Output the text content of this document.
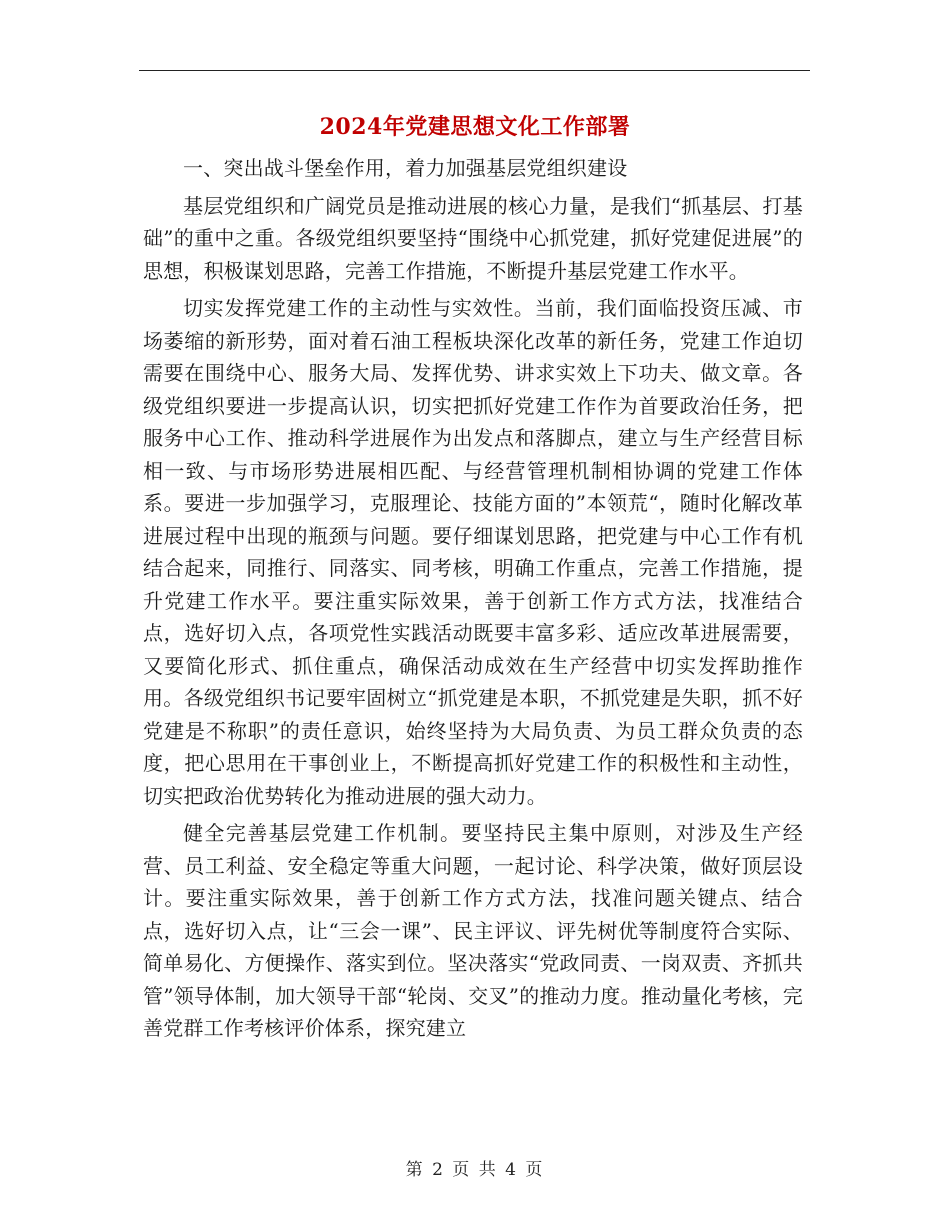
2024年党建思想文化工作部署

一、突出战斗堡垒作用，着力加强基层党组织建设

基层党组织和广阔党员是推动进展的核心力量，是我们“抓基层、打基础”的重中之重。各级党组织要坚持“围绕中心抓党建，抓好党建促进展”的思想，积极谋划思路，完善工作措施，不断提升基层党建工作水平。

切实发挥党建工作的主动性与实效性。当前，我们面临投资压减、市场萎缩的新形势，面对着石油工程板块深化改革的新任务，党建工作迫切需要在围绕中心、服务大局、发挥优势、讲求实效上下功夫、做文章。各级党组织要进一步提高认识，切实把抓好党建工作作为首要政治任务，把服务中心工作、推动科学进展作为出发点和落脚点，建立与生产经营目标相一致、与市场形势进展相匹配、与经营管理机制相协调的党建工作体系。要进一步加强学习，克服理论、技能方面的”本领荒“，随时化解改革进展过程中出现的瓶颈与问题。要仔细谋划思路，把党建与中心工作有机结合起来，同推行、同落实、同考核，明确工作重点，完善工作措施，提升党建工作水平。要注重实际效果，善于创新工作方式方法，找准结合点，选好切入点，各项党性实践活动既要丰富多彩、适应改革进展需要，又要简化形式、抓住重点，确保活动成效在生产经营中切实发挥助推作用。各级党组织书记要牢固树立“抓党建是本职，不抓党建是失职，抓不好党建是不称职”的责任意识，始终坚持为大局负责、为员工群众负责的态度，把心思用在干事创业上，不断提高抓好党建工作的积极性和主动性，切实把政治优势转化为推动进展的强大动力。

健全完善基层党建工作机制。要坚持民主集中原则，对涉及生产经营、员工利益、安全稳定等重大问题，一起讨论、科学决策，做好顶层设计。要注重实际效果，善于创新工作方式方法，找准问题关键点、结合点，选好切入点，让“三会一课”、民主评议、评先树优等制度符合实际、简单易化、方便操作、落实到位。坚决落实“党政同责、一岗双责、齐抓共管”领导体制，加大领导干部“轮岗、交叉”的推动力度。推动量化考核，完善党群工作考核评价体系，探究建立

第 2 页 共 4 页
